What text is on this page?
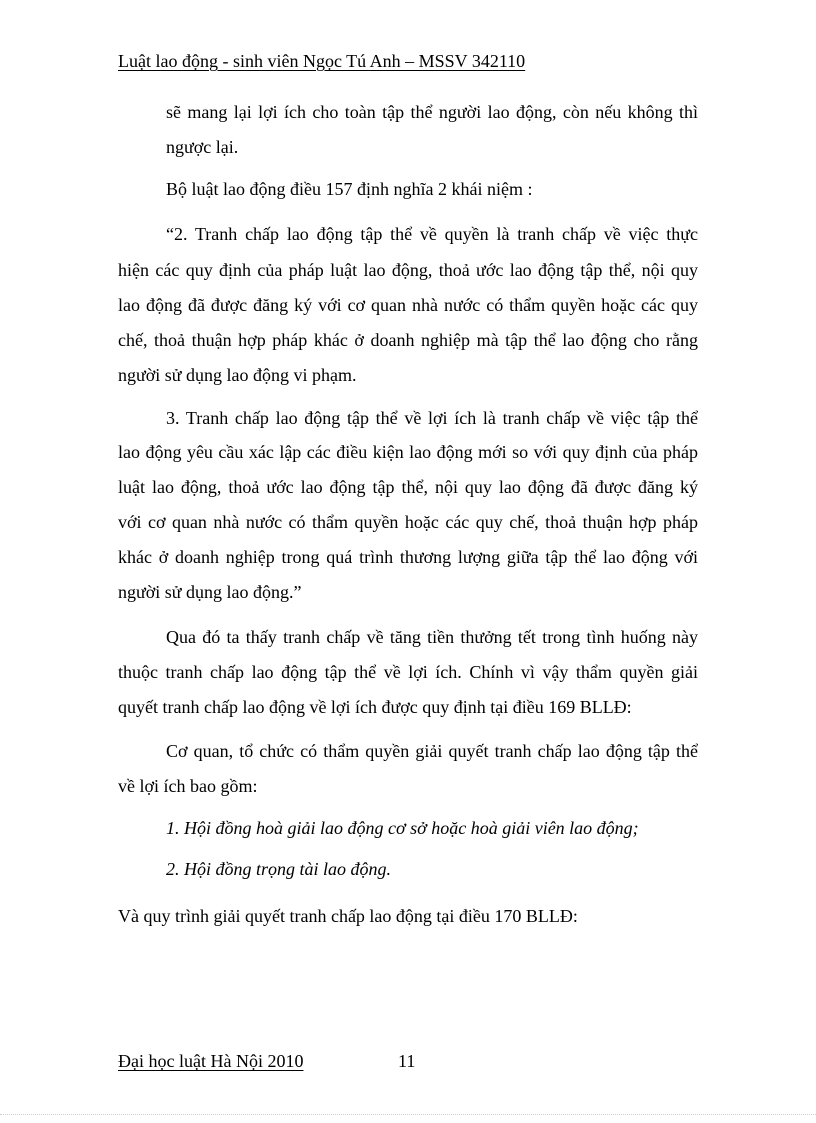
Luật lao động - sinh viên Ngọc Tú Anh – MSSV 342110
sẽ mang lại lợi ích cho toàn tập thể người lao động, còn nếu không thì
ngược lại.
Bộ luật lao động điều 157 định nghĩa 2 khái niệm :
“2. Tranh chấp lao động tập thể về quyền là tranh chấp về việc thực
hiện các quy định của pháp luật lao động, thoả ước lao động tập thể, nội quy
lao động đã được đăng ký với cơ quan nhà nước có thẩm quyền hoặc các quy
chế, thoả thuận hợp pháp khác ở doanh nghiệp mà tập thể lao động cho rằng
người sử dụng lao động vi phạm.
3. Tranh chấp lao động tập thể về lợi ích là tranh chấp về việc tập thể
lao động yêu cầu xác lập các điều kiện lao động mới so với quy định của pháp
luật lao động, thoả ước lao động tập thể, nội quy lao động đã được đăng ký
với cơ quan nhà nước có thẩm quyền hoặc các quy chế, thoả thuận hợp pháp
khác ở doanh nghiệp trong quá trình thương lượng giữa tập thể lao động với
người sử dụng lao động.”
Qua đó ta thấy tranh chấp về tăng tiền thưởng tết trong tình huống này
thuộc tranh chấp lao động tập thể về lợi ích. Chính vì vậy thẩm quyền giải
quyết tranh chấp lao động về lợi ích được quy định tại điều 169 BLLĐ:
Cơ quan, tổ chức có thẩm quyền giải quyết tranh chấp lao động tập thể
về lợi ích bao gồm:
1. Hội đồng hoà giải lao động cơ sở hoặc hoà giải viên lao động;
2. Hội đồng trọng tài lao động.
Và quy trình giải quyết tranh chấp lao động tại điều 170 BLLĐ:
Đại học luật Hà Nội 2010	11
